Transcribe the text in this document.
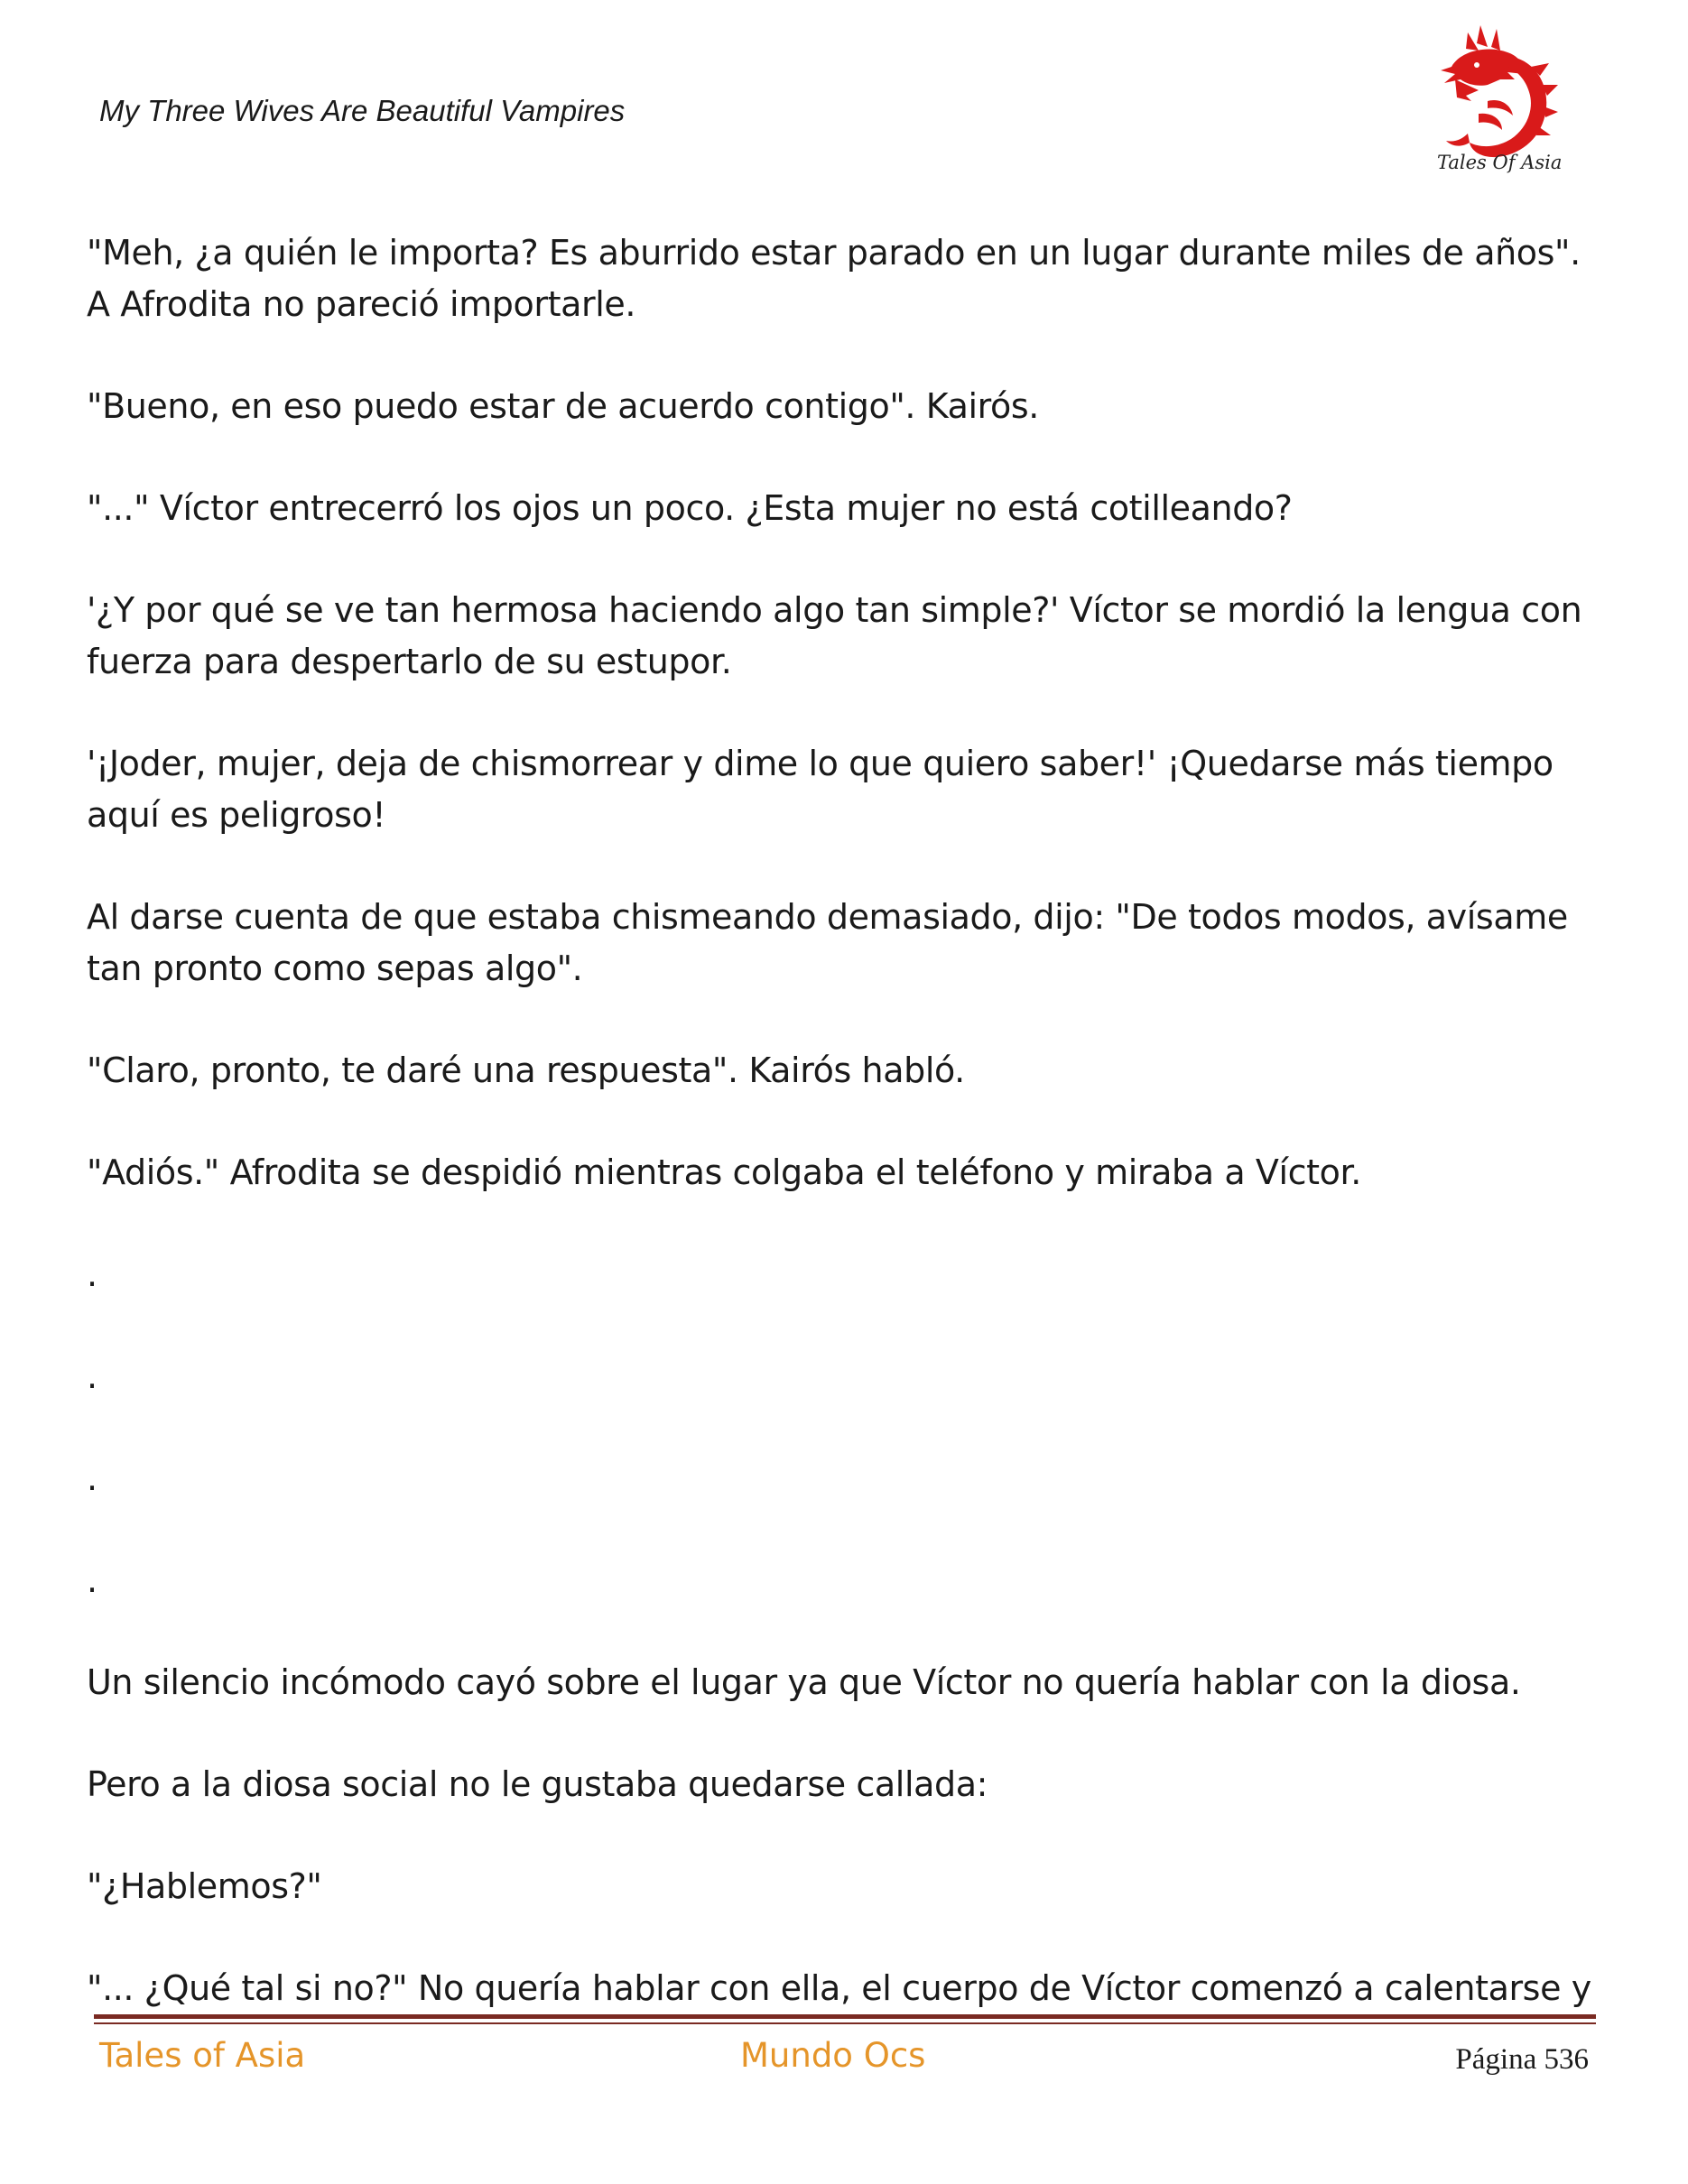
My Three Wives Are Beautiful Vampires
Tales Of Asia

"Meh, ¿a quién le importa? Es aburrido estar parado en un lugar durante miles de años". A Afrodita no pareció importarle.

"Bueno, en eso puedo estar de acuerdo contigo". Kairós.

"..." Víctor entrecerró los ojos un poco. ¿Esta mujer no está cotilleando?

'¿Y por qué se ve tan hermosa haciendo algo tan simple?' Víctor se mordió la lengua con fuerza para despertarlo de su estupor.

'¡Joder, mujer, deja de chismorrear y dime lo que quiero saber!' ¡Quedarse más tiempo aquí es peligroso!

Al darse cuenta de que estaba chismeando demasiado, dijo: "De todos modos, avísame tan pronto como sepas algo".

"Claro, pronto, te daré una respuesta". Kairós habló.

"Adiós." Afrodita se despidió mientras colgaba el teléfono y miraba a Víctor.

.

.

.

.

Un silencio incómodo cayó sobre el lugar ya que Víctor no quería hablar con la diosa.

Pero a la diosa social no le gustaba quedarse callada:

"¿Hablemos?"

"... ¿Qué tal si no?" No quería hablar con ella, el cuerpo de Víctor comenzó a calentarse y

Tales of Asia	Mundo Ocs	Página 536
